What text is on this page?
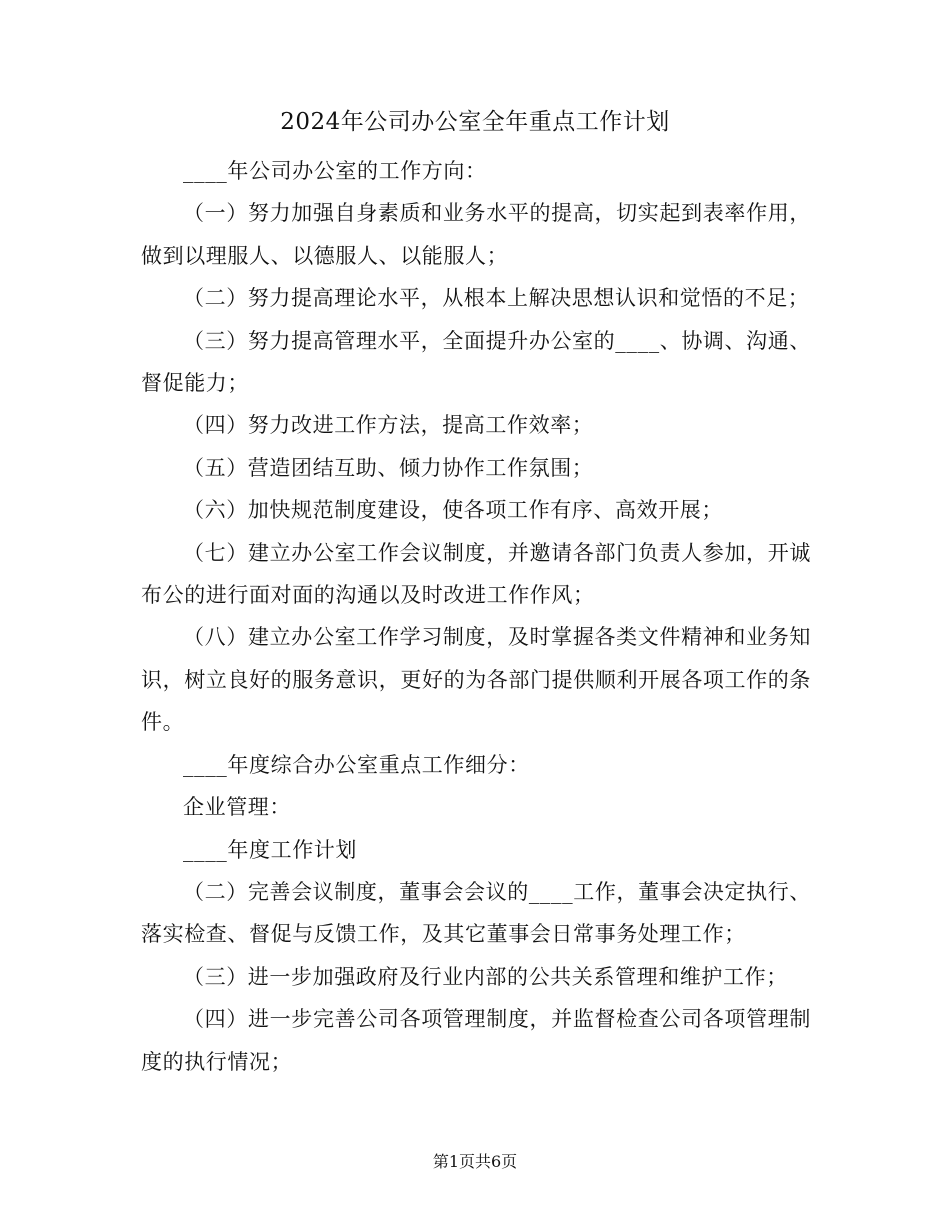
2024年公司办公室全年重点工作计划

____年公司办公室的工作方向：

（一）努力加强自身素质和业务水平的提高，切实起到表率作用，做到以理服人、以德服人、以能服人；

（二）努力提高理论水平，从根本上解决思想认识和觉悟的不足；

（三）努力提高管理水平，全面提升办公室的____、协调、沟通、督促能力；

（四）努力改进工作方法，提高工作效率；

（五）营造团结互助、倾力协作工作氛围；

（六）加快规范制度建设，使各项工作有序、高效开展；

（七）建立办公室工作会议制度，并邀请各部门负责人参加，开诚布公的进行面对面的沟通以及时改进工作作风；

（八）建立办公室工作学习制度，及时掌握各类文件精神和业务知识，树立良好的服务意识，更好的为各部门提供顺利开展各项工作的条件。

____年度综合办公室重点工作细分：

企业管理：

____年度工作计划

（二）完善会议制度，董事会会议的____工作，董事会决定执行、落实检查、督促与反馈工作，及其它董事会日常事务处理工作；

（三）进一步加强政府及行业内部的公共关系管理和维护工作；

（四）进一步完善公司各项管理制度，并监督检查公司各项管理制度的执行情况；

第1页共6页
